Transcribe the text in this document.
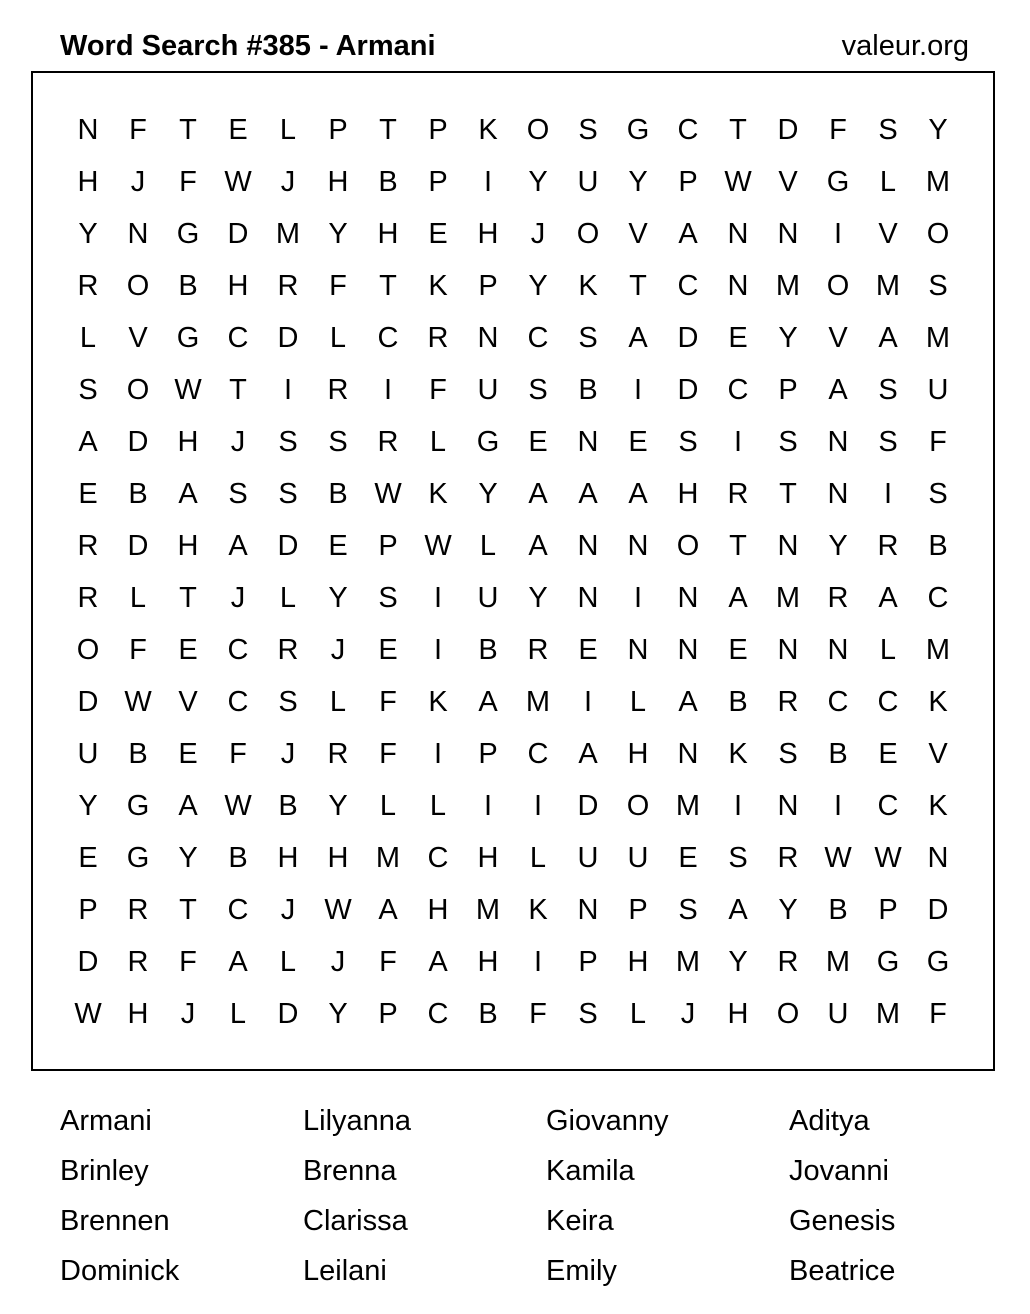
Word Search #385 - Armani	valeur.org
N	F	T	E	L	P	T	P	K	O	S	G C	T	D	F	S	Y
H	J	F W	J	H	B	P	I	Y	U	Y	P W V	G	L	M
Y	N G D M Y	H	E	H	J	O	V	A	N	N	I	V	O
R O	B	H	R	F	T	K	P	Y	K	T	C	N M O M S
L	V	G C	D	L	C	R	N	C	S	A	D	E	Y	V	A M
S	O W T	I	R	I	F	U	S	B	I	D	C	P	A	S	U
A	D	H	J	S	S	R	L	G	E	N	E	S	I	S	N	S	F
E	B	A	S	S	B W K	Y	A	A	A	H	R	T	N	I	S
R	D	H	A	D	E	P W L	A	N	N O	T	N	Y	R	B
R	L	T	J	L	Y	S	I	U	Y	N	I	N	A M R	A	C
O	F	E	C	R	J	E	I	B	R	E	N	N	E	N	N	L	M
D W V	C	S	L	F	K	A M	I	L	A	B	R	C	C	K
U	B	E	F	J	R	F	I	P	C	A	H	N	K	S	B	E	V
Y	G	A W B	Y	L	L	I	I	D O M	I	N	I	C	K
E	G	Y	B	H	H M C	H	L	U	U	E	S	R W W N
P	R	T	C	J	W A	H M K	N	P	S	A	Y	B	P	D
D	R	F	A	L	J	F	A	H	I	P	H M Y	R M G G
W H	J	L	D	Y	P	C	B	F	S	L	J	H O U M	F
Armani	Lilyanna	Giovanny	Aditya
Brinley	Brenna	Kamila	Jovanni
Brennen	Clarissa	Keira	Genesis
Dominick	Leilani	Emily	Beatrice
